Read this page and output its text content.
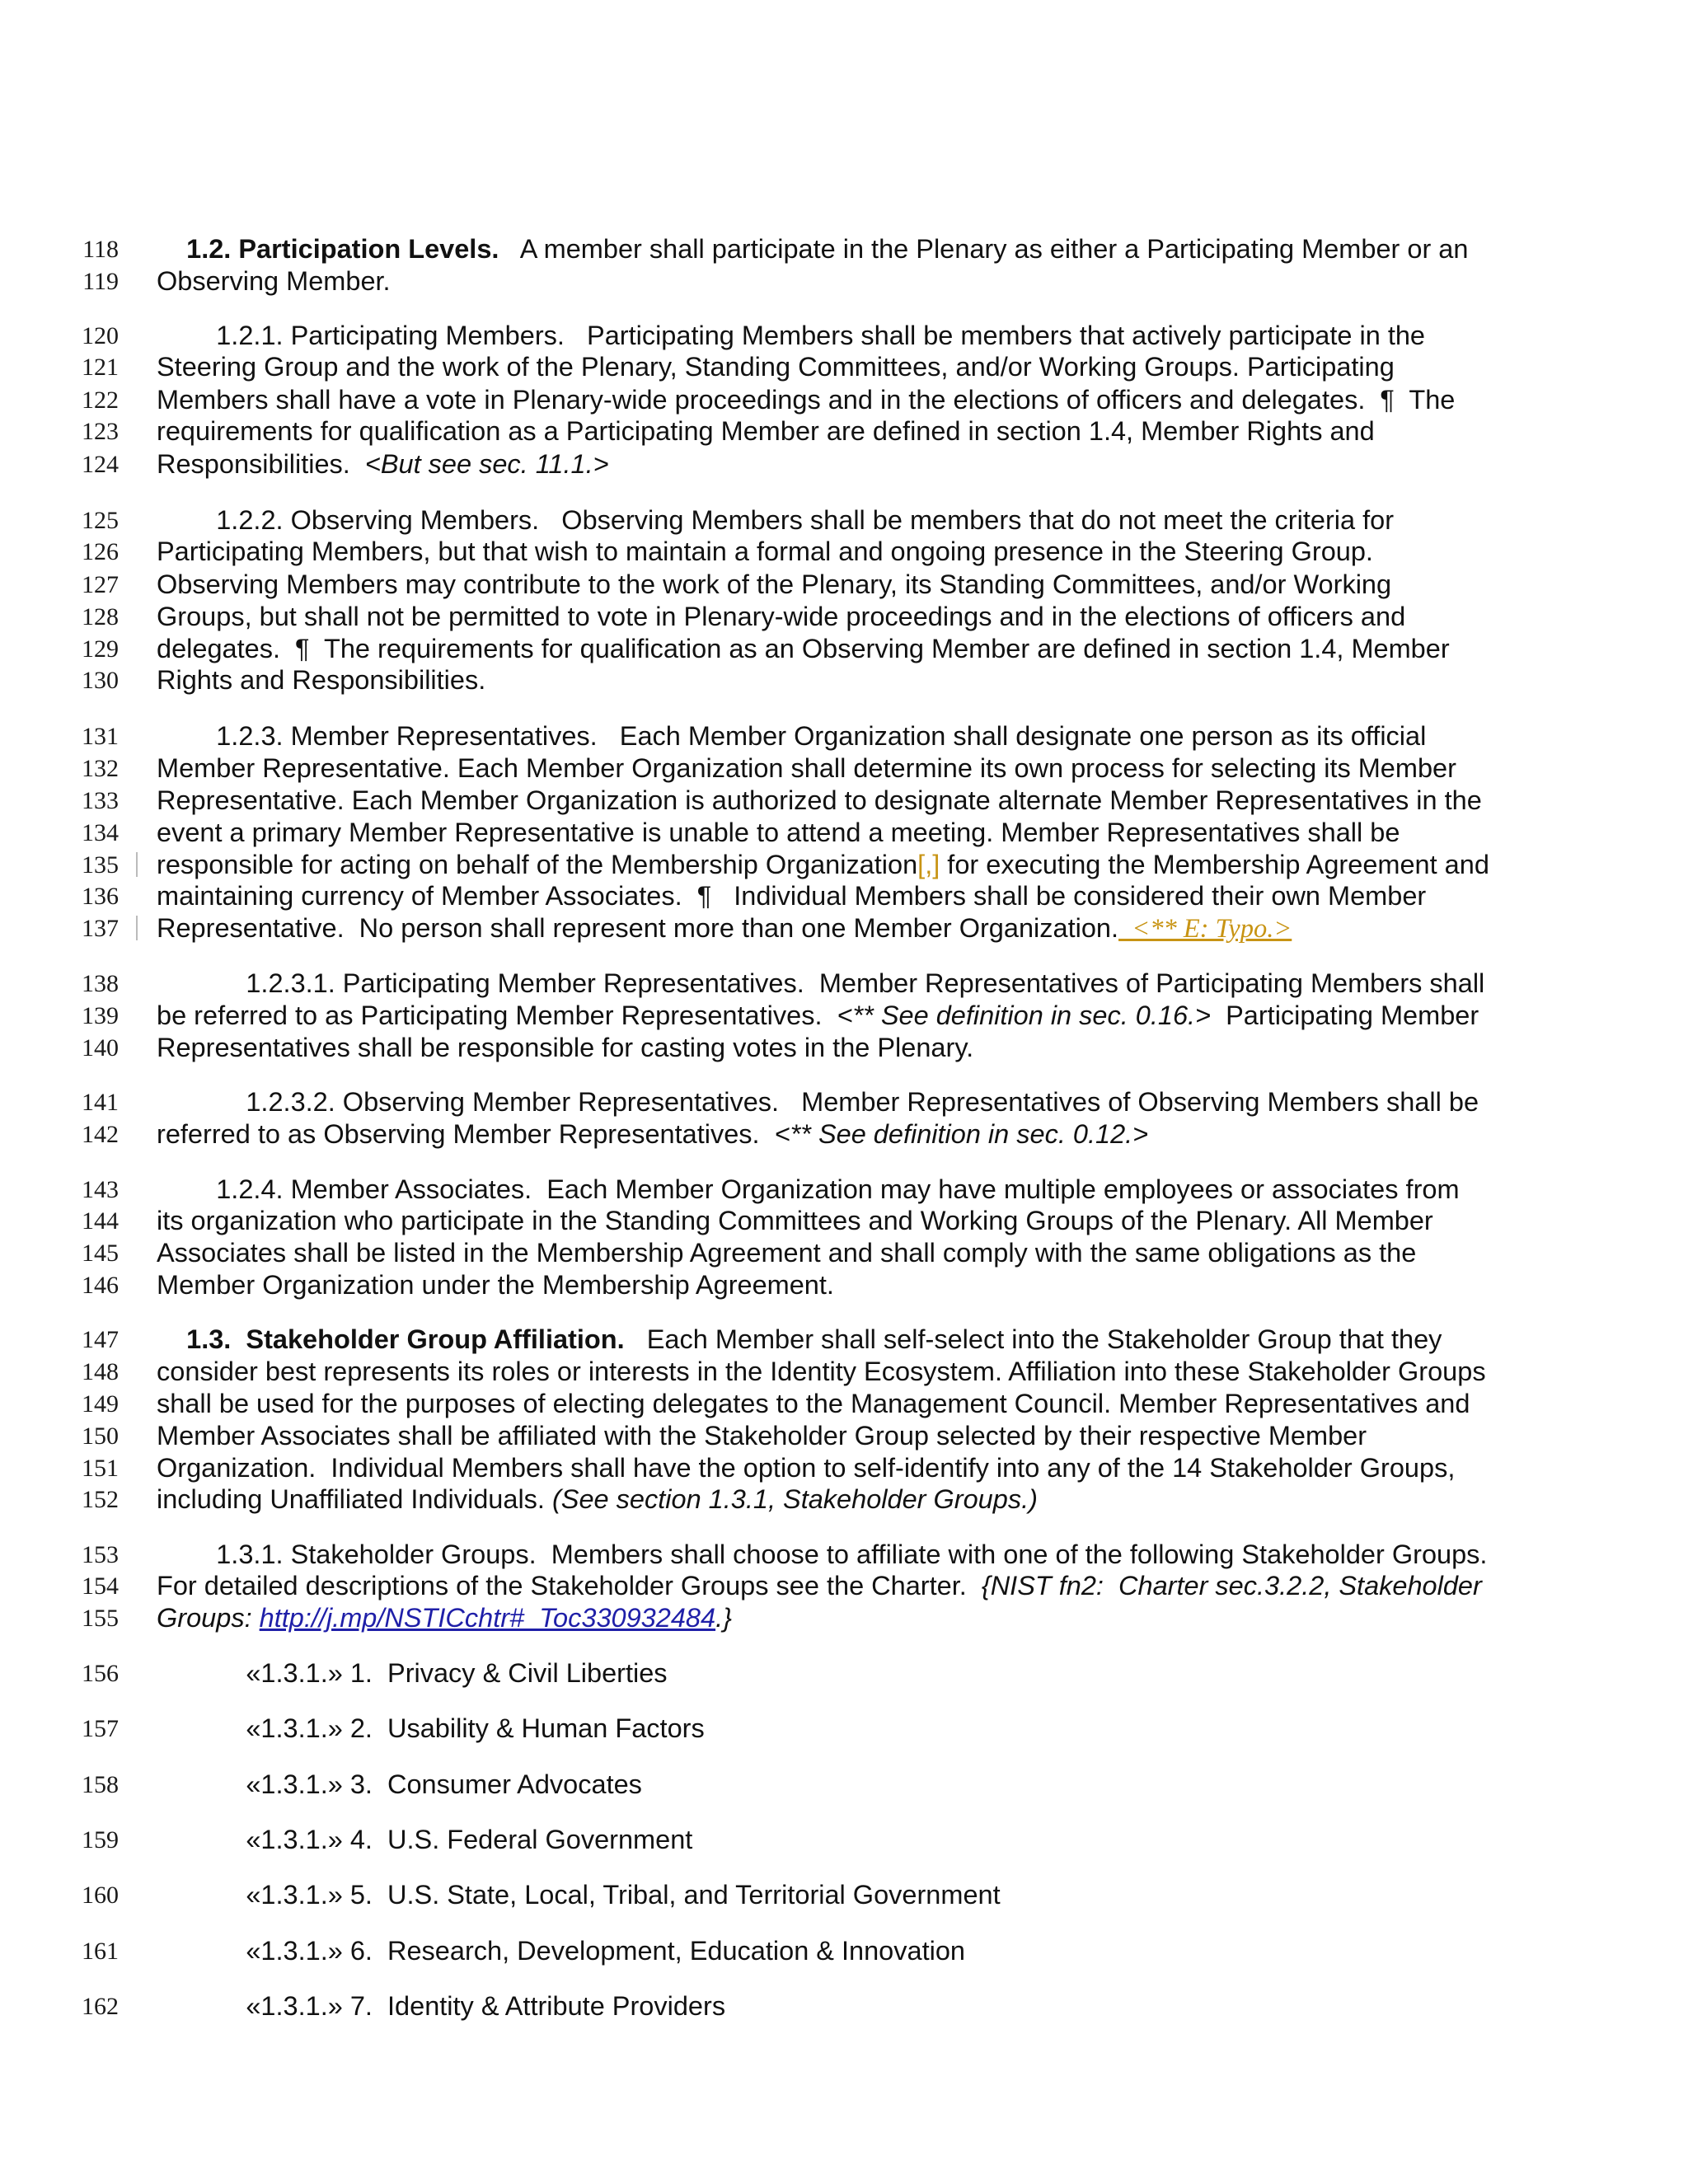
118	1.2. Participation Levels.   A member shall participate in the Plenary as either a Participating Member or an
119 Observing Member.
120 1.2.1. Participating Members.   Participating Members shall be members that actively participate in the
121 Steering Group and the work of the Plenary, Standing Committees, and/or Working Groups. Participating
122 Members shall have a vote in Plenary-wide proceedings and in the elections of officers and delegates.  ¶  The
123 requirements for qualification as a Participating Member are defined in section 1.4, Member Rights and
124 Responsibilities.  <But see sec. 11.1.>
125 1.2.2. Observing Members.   Observing Members shall be members that do not meet the criteria for
126 Participating Members, but that wish to maintain a formal and ongoing presence in the Steering Group.
127 Observing Members may contribute to the work of the Plenary, its Standing Committees, and/or Working
128 Groups, but shall not be permitted to vote in Plenary-wide proceedings and in the elections of officers and
129 delegates.  ¶  The requirements for qualification as an Observing Member are defined in section 1.4, Member
130 Rights and Responsibilities.
131 1.2.3. Member Representatives.   Each Member Organization shall designate one person as its official
132 Member Representative. Each Member Organization shall determine its own process for selecting its Member
133 Representative. Each Member Organization is authorized to designate alternate Member Representatives in the
134 event a primary Member Representative is unable to attend a meeting. Member Representatives shall be
135 responsible for acting on behalf of the Membership Organization[,] for executing the Membership Agreement and
136 maintaining currency of Member Associates.  ¶   Individual Members shall be considered their own Member
137 Representative.  No person shall represent more than one Member Organization.  <** E: Typo.>
138 1.2.3.1. Participating Member Representatives.  Member Representatives of Participating Members shall
139 be referred to as Participating Member Representatives.  <** See definition in sec. 0.16.>  Participating Member
140 Representatives shall be responsible for casting votes in the Plenary.
141 1.2.3.2. Observing Member Representatives.   Member Representatives of Observing Members shall be
142 referred to as Observing Member Representatives.  <** See definition in sec. 0.12.>
143 1.2.4. Member Associates.  Each Member Organization may have multiple employees or associates from
144 its organization who participate in the Standing Committees and Working Groups of the Plenary. All Member
145 Associates shall be listed in the Membership Agreement and shall comply with the same obligations as the
146 Member Organization under the Membership Agreement.
147	1.3.  Stakeholder Group Affiliation.   Each Member shall self-select into the Stakeholder Group that they
148 consider best represents its roles or interests in the Identity Ecosystem. Affiliation into these Stakeholder Groups
149 shall be used for the purposes of electing delegates to the Management Council. Member Representatives and
150 Member Associates shall be affiliated with the Stakeholder Group selected by their respective Member
151 Organization.  Individual Members shall have the option to self-identify into any of the 14 Stakeholder Groups,
152 including Unaffiliated Individuals. (See section 1.3.1, Stakeholder Groups.)
153 1.3.1. Stakeholder Groups.  Members shall choose to affiliate with one of the following Stakeholder Groups.
154 For detailed descriptions of the Stakeholder Groups see the Charter.  {NIST fn2:  Charter sec.3.2.2, Stakeholder
155 Groups: http://j.mp/NSTICchtr#_Toc330932484.}
156 «1.3.1.» 1.  Privacy & Civil Liberties
157 «1.3.1.» 2.  Usability & Human Factors
158 «1.3.1.» 3.  Consumer Advocates
159 «1.3.1.» 4.  U.S. Federal Government
160 «1.3.1.» 5.  U.S. State, Local, Tribal, and Territorial Government
161 «1.3.1.» 6.  Research, Development, Education & Innovation
162 «1.3.1.» 7.  Identity & Attribute Providers
